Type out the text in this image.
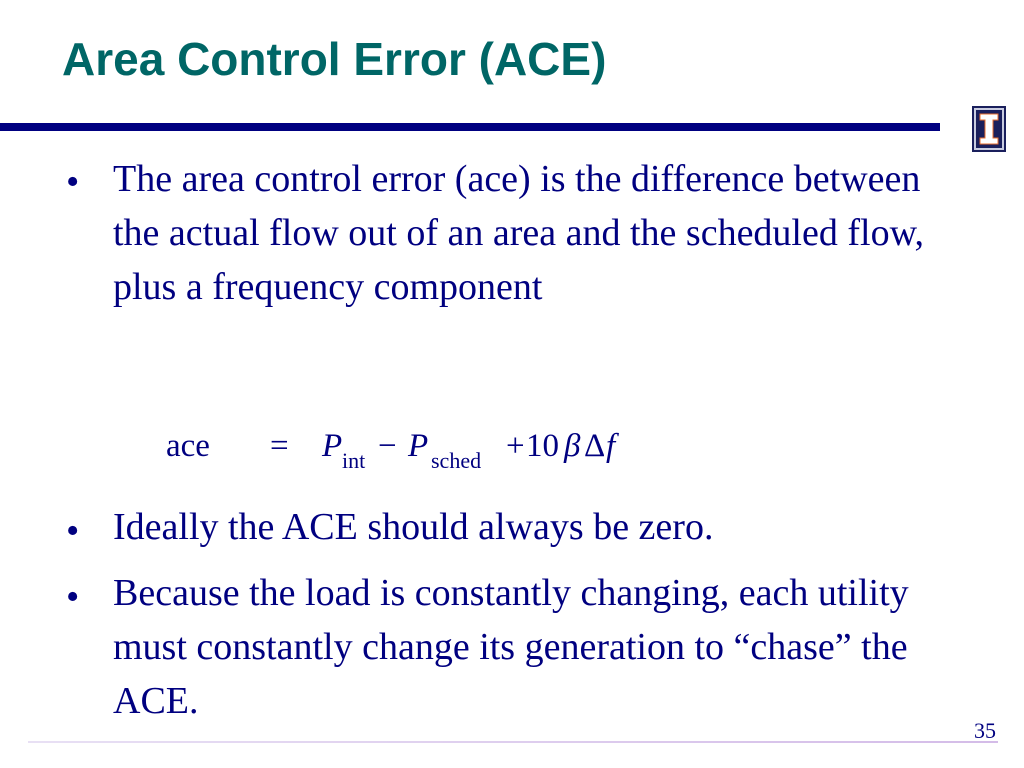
Area Control Error (ACE)
• The area control error (ace) is the difference between the actual flow out of an area and the scheduled flow, plus a frequency component
ace = P int − P sched + 10 β Δ f
• Ideally the ACE should always be zero.
• Because the load is constantly changing, each utility must constantly change its generation to “chase” the ACE.
35
